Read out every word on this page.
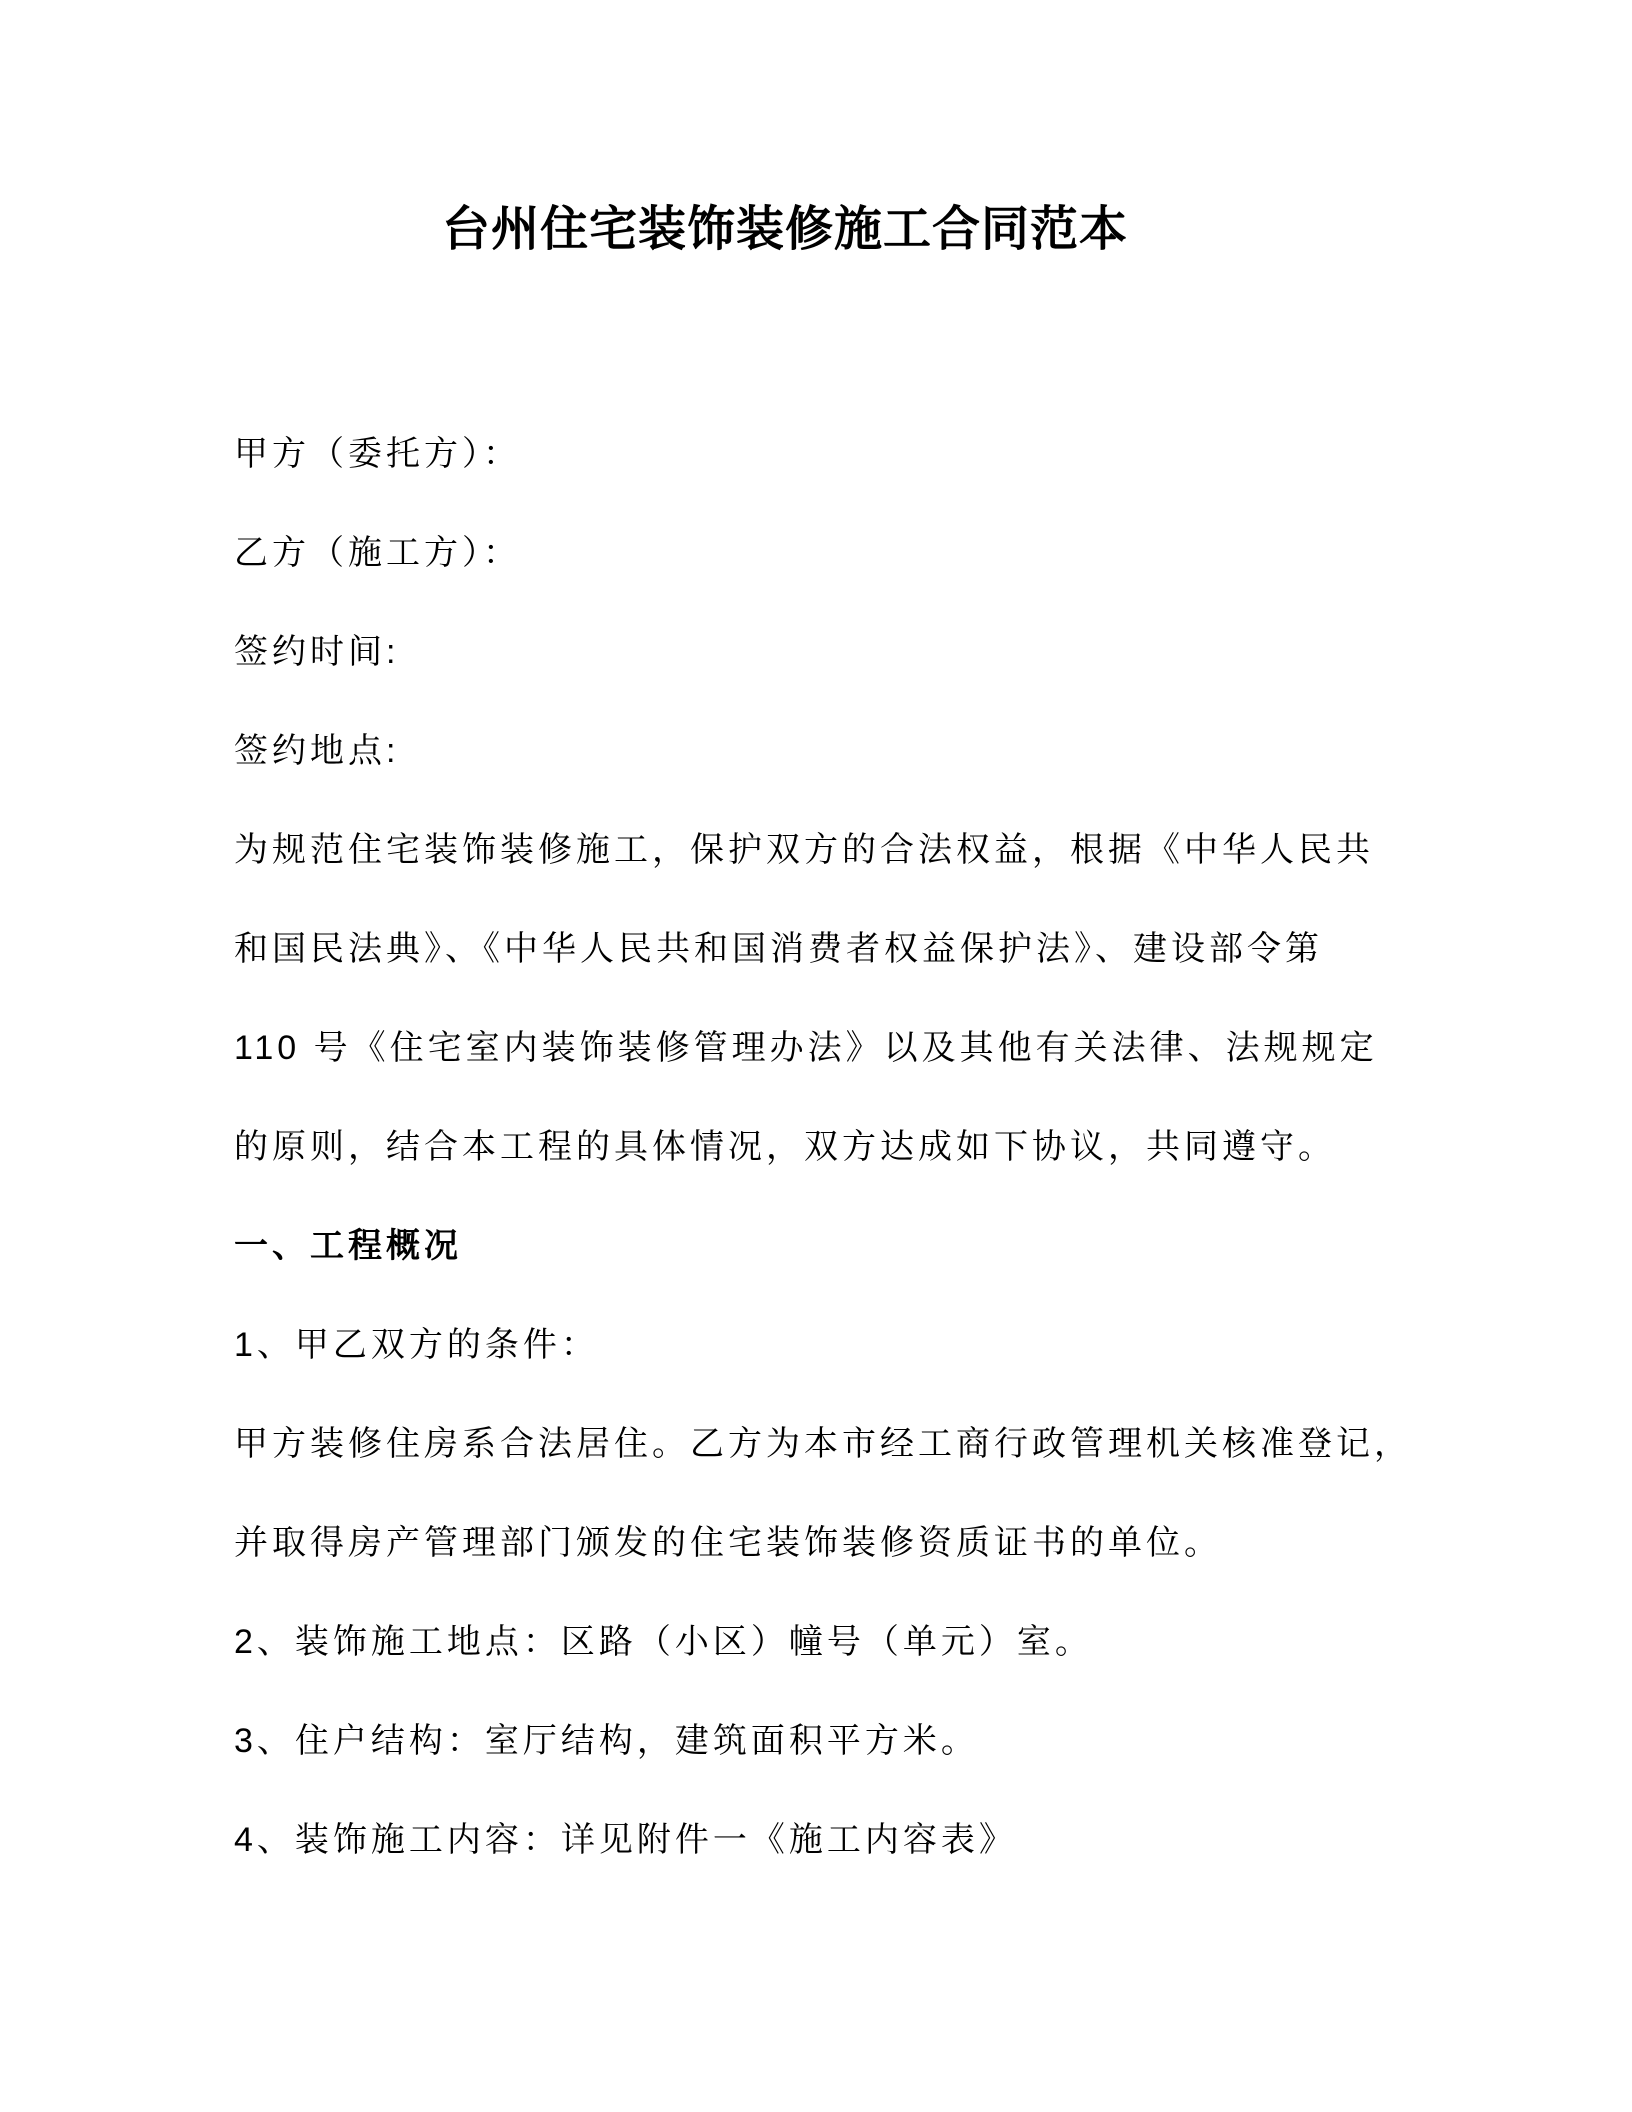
台州住宅装饰装修施工合同范本

甲方（委托方）：

乙方（施工方）：

签约时间:

签约地点:

为规范住宅装饰装修施工，保护双方的合法权益，根据《中华人民共

和国民法典》、《中华人民共和国消费者权益保护法》、建设部令第

110 号《住宅室内装饰装修管理办法》以及其他有关法律、法规规定

的原则，结合本工程的具体情况，双方达成如下协议，共同遵守。

一、工程概况

1、甲乙双方的条件：

甲方装修住房系合法居住。乙方为本市经工商行政管理机关核准登记，

并取得房产管理部门颁发的住宅装饰装修资质证书的单位。

2、装饰施工地点：区路（小区）幢号（单元）室。

3、住户结构：室厅结构，建筑面积平方米。

4、装饰施工内容：详见附件一《施工内容表》
